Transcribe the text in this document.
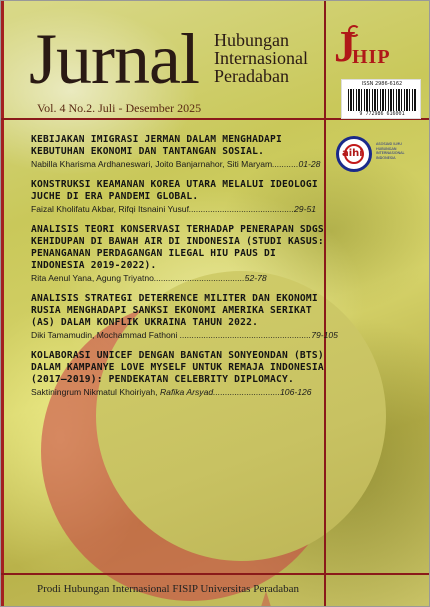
Jurnal Hubungan
Internasional
Peradaban
Vol. 4 No.2. Juli - Desember 2025
J
HIP
ISSN 2986-6162
9 772986 616001
aihi
ASOSIASI ILMU HUBUNGAN INTERNASIONAL INDONESIA
KEBIJAKAN IMIGRASI JERMAN DALAM MENGHADAPI KEBUTUHAN EKONOMI DAN TANTANGAN SOSIAL.
Nabilla Kharisma Ardhaneswari, Joito Banjarnahor, Siti Maryam...........01-28
KONSTRUKSI KEAMANAN KOREA UTARA MELALUI IDEOLOGI JUCHE DI ERA PANDEMI GLOBAL.
Faizal Kholifatu Akbar, Rifqi Itsnaini Yusuf............................................29-51
ANALISIS TEORI KONSERVASI TERHADAP PENERAPAN SDGS KEHIDUPAN DI BAWAH AIR DI INDONESIA (STUDI KASUS: PENANGANAN PERDAGANGAN ILEGAL HIU PAUS DI INDONESIA 2019-2022).
Rita Aenul Yana, Agung Triyatno......................................52-78
ANALISIS STRATEGI DETERRENCE MILITER DAN EKONOMI RUSIA MENGHADAPI SANKSI EKONOMI AMERIKA SERIKAT (AS) DALAM KONFLIK UKRAINA TAHUN 2022.
Diki Tamamudin, Mochammad Fathoni .......................................................79-105
KOLABORASI UNICEF DENGAN BANGTAN SONYEONDAN (BTS) DALAM KAMPANYE LOVE MYSELF UNTUK REMAJA INDONESIA (2017–2019): PENDEKATAN CELEBRITY DIPLOMACY.
Saktiningrum Nikmatul Khoiriyah, Rafika Arsyad............................106-126
Prodi Hubungan Internasional FISIP Universitas Peradaban
